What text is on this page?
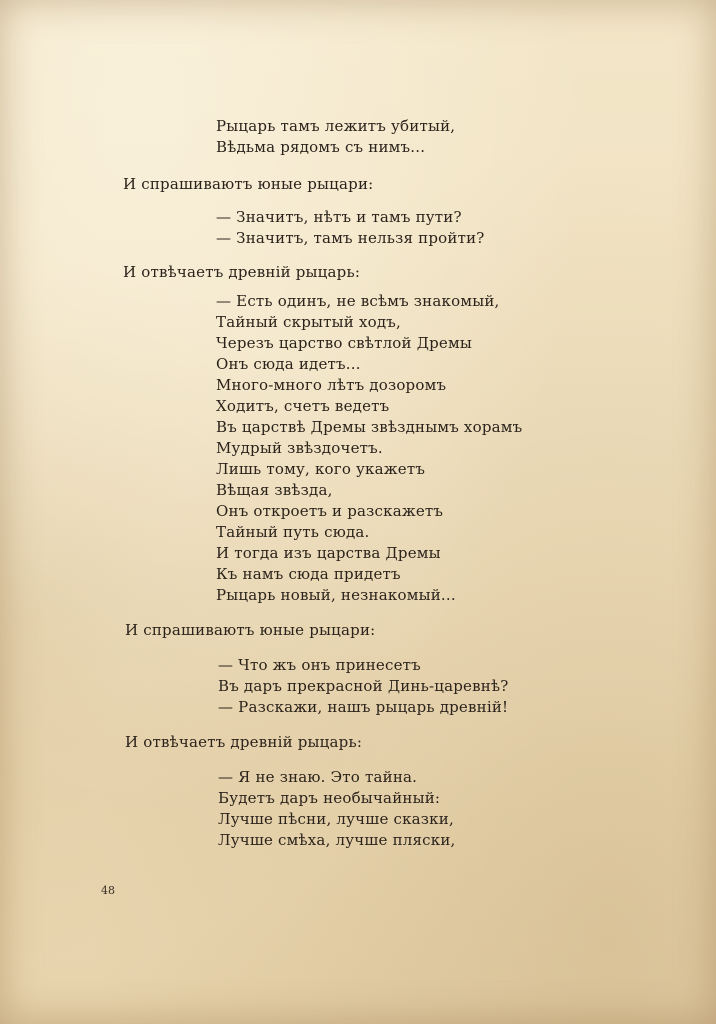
Рыцарь тамъ лежитъ убитый,
Вѣдьма рядомъ съ нимъ...
И спрашиваютъ юные рыцари:
— Значитъ, нѣтъ и тамъ пути?
— Значитъ, тамъ нельзя пройти?
И отвѣчаетъ древній рыцарь:
— Есть одинъ, не всѣмъ знакомый,
Тайный скрытый ходъ,
Черезъ царство свѣтлой Дремы
Онъ сюда идетъ...
Много-много лѣтъ дозоромъ
Ходитъ, счетъ ведетъ
Въ царствѣ Дремы звѣзднымъ хорамъ
Мудрый звѣздочетъ.
Лишь тому, кого укажетъ
Вѣщая звѣзда,
Онъ откроетъ и разскажетъ
Тайный путь сюда.
И тогда изъ царства Дремы
Къ намъ сюда придетъ
Рыцарь новый, незнакомый...
И спрашиваютъ юные рыцари:
— Что жъ онъ принесетъ
Въ даръ прекрасной Динь-царевнѣ?
— Разскажи, нашъ рыцарь древній!
И отвѣчаетъ древній рыцарь:
— Я не знаю. Это тайна.
Будетъ даръ необычайный:
Лучше пѣсни, лучше сказки,
Лучше смѣха, лучше пляски,
48
